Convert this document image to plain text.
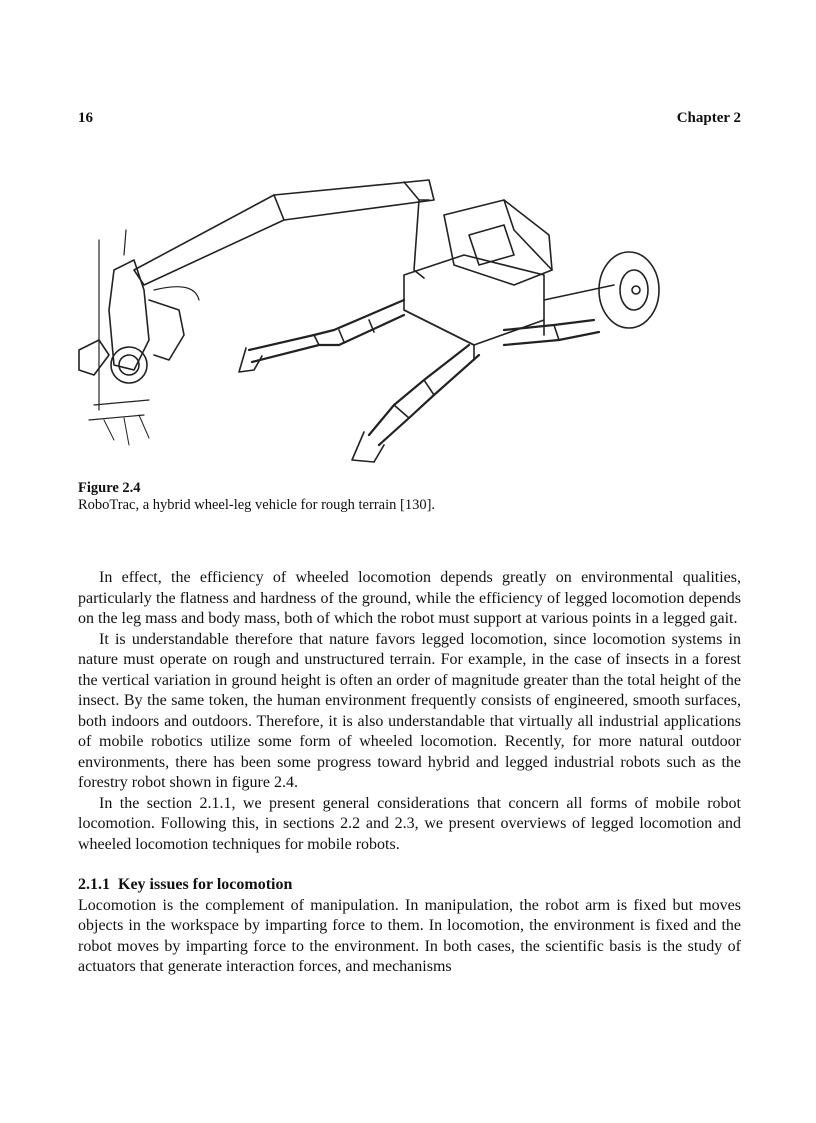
16	Chapter 2
Figure 2.4
RoboTrac, a hybrid wheel-leg vehicle for rough terrain [130].

In effect, the efficiency of wheeled locomotion depends greatly on environmental qualities, particularly the flatness and hardness of the ground, while the efficiency of legged locomotion depends on the leg mass and body mass, both of which the robot must support at various points in a legged gait.

It is understandable therefore that nature favors legged locomotion, since locomotion systems in nature must operate on rough and unstructured terrain. For example, in the case of insects in a forest the vertical variation in ground height is often an order of magnitude greater than the total height of the insect. By the same token, the human environment frequently consists of engineered, smooth surfaces, both indoors and outdoors. Therefore, it is also understandable that virtually all industrial applications of mobile robotics utilize some form of wheeled locomotion. Recently, for more natural outdoor environments, there has been some progress toward hybrid and legged industrial robots such as the forestry robot shown in figure 2.4.

In the section 2.1.1, we present general considerations that concern all forms of mobile robot locomotion. Following this, in sections 2.2 and 2.3, we present overviews of legged locomotion and wheeled locomotion techniques for mobile robots.

2.1.1 Key issues for locomotion

Locomotion is the complement of manipulation. In manipulation, the robot arm is fixed but moves objects in the workspace by imparting force to them. In locomotion, the environment is fixed and the robot moves by imparting force to the environment. In both cases, the scientific basis is the study of actuators that generate interaction forces, and mechanisms
